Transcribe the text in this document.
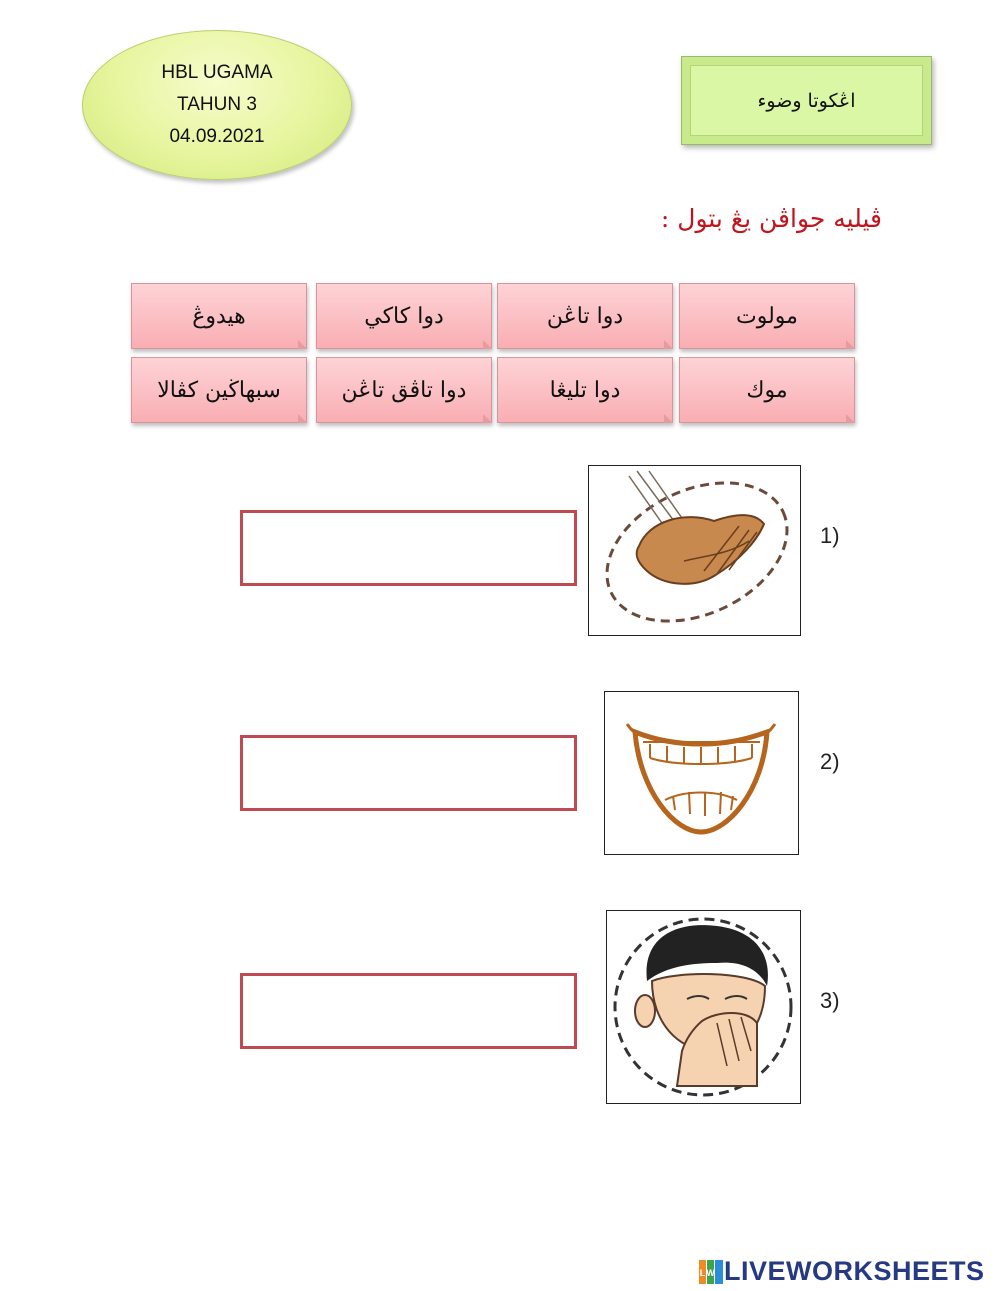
HBL UGAMA
TAHUN 3
04.09.2021
اڠكوتا وضوء
ڤيليه جواڤن يڠ بتول :
مولوت
دوا تاڠن
دوا كاكي
هيدوڠ
موك
دوا تليڠا
دوا تاڤق تاڠن
سبهاڬين كڤالا
1)
2)
3)
L W LIVEWORKSHEETS
